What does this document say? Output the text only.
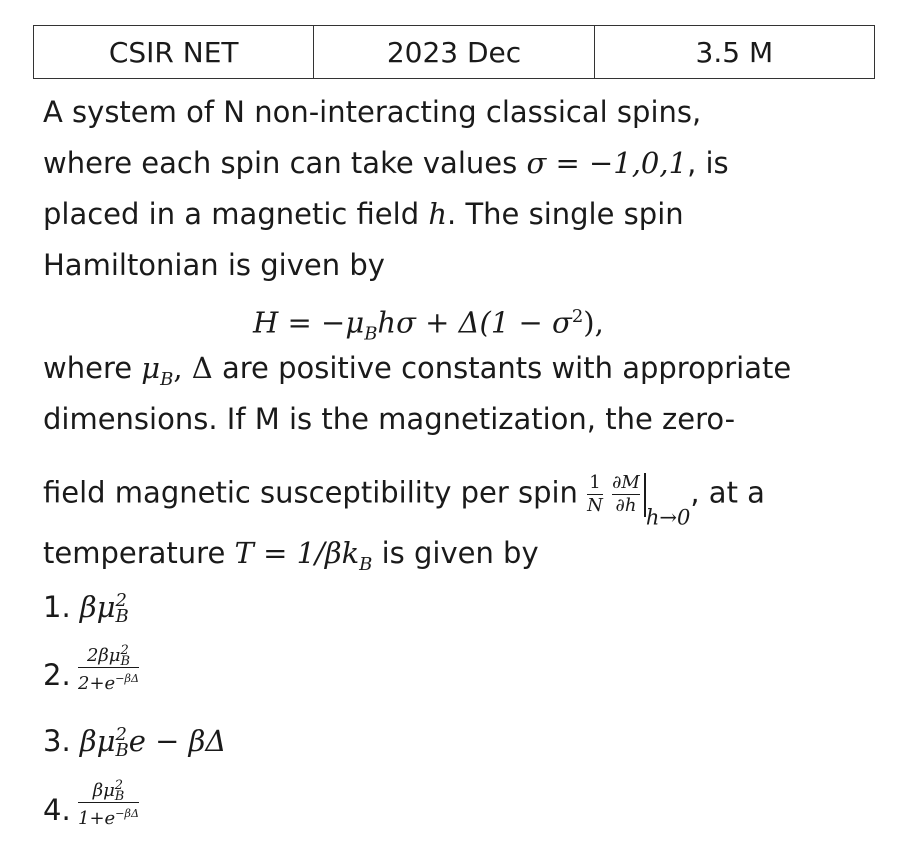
CSIR NET	2023 Dec	3.5 M
A system of N non-interacting classical spins,
where each spin can take values σ = −1,0,1, is
placed in a magnetic field h. The single spin
Hamiltonian is given by
$H = -\mu_Bh\sigma + \Delta(1 - \sigma^2)$,
where $\mu_B$, Δ are positive constants with appropriate
dimensions. If M is the magnetization, the zero-
field magnetic susceptibility per spin $\frac{1}{N}$
$\frac{\partial M}{\partial h}$
$_{h\to 0}$, at a
temperature $T = 1/\beta k_B$ is given by
1. βμ 2
B
2.
2βμ 2
B
$2+e^{-\beta\Delta}$
3. βμ 2
B e − βΔ
4.
βμ 2
B
$1+e^{-\beta\Delta}$
